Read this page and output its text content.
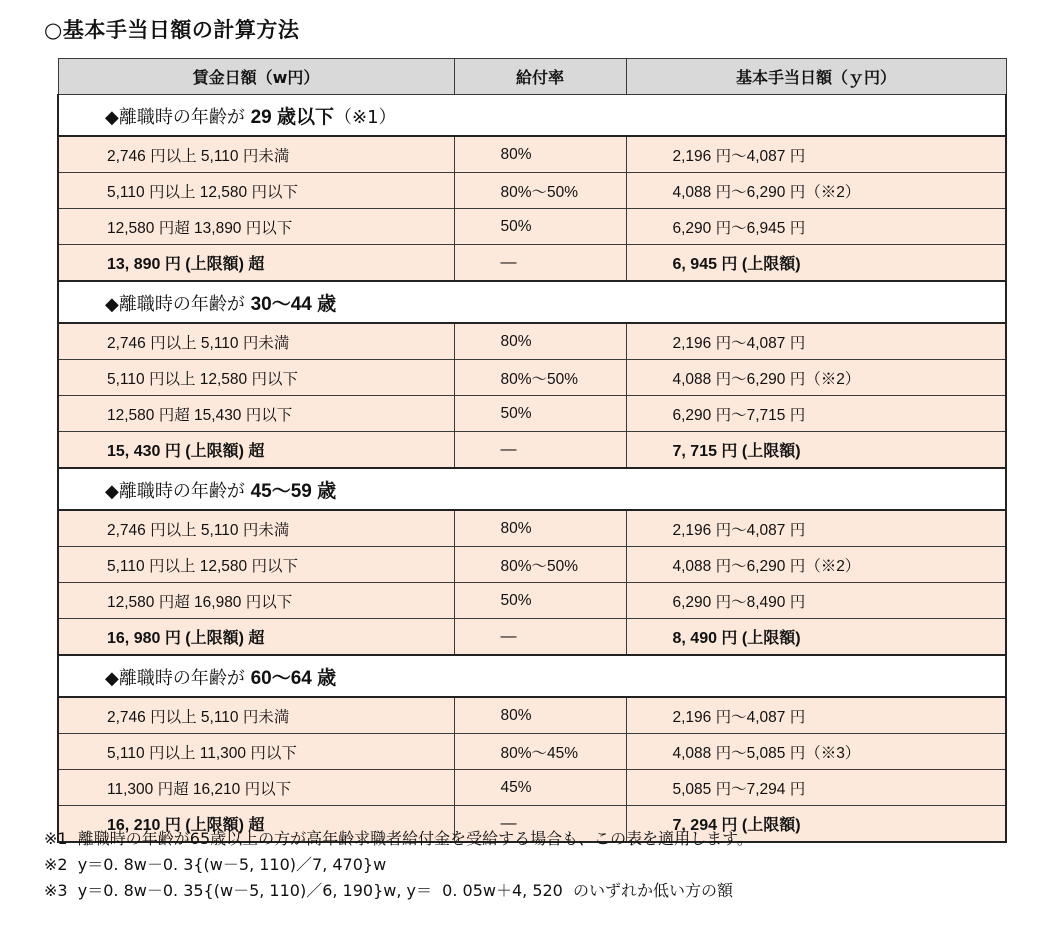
○基本手当日額の計算方法
賃金日額（w円）	給付率	基本手当日額（ｙ円）
◆離職時の年齢が 29 歳以下（※1）		
2,746 円以上 5,110 円未満	80%	2,196 円～4,087 円
5,110 円以上 12,580 円以下	80%～50%	4,088 円～6,290 円（※2）
12,580 円超 13,890 円以下	50%	6,290 円～6,945 円
13, 890 円 (上限額) 超	—	6, 945 円 (上限額)
◆離職時の年齢が 30～44 歳		
2,746 円以上 5,110 円未満	80%	2,196 円～4,087 円
5,110 円以上 12,580 円以下	80%～50%	4,088 円～6,290 円（※2）
12,580 円超 15,430 円以下	50%	6,290 円～7,715 円
15, 430 円 (上限額) 超	—	7, 715 円 (上限額)
◆離職時の年齢が 45～59 歳		
2,746 円以上 5,110 円未満	80%	2,196 円～4,087 円
5,110 円以上 12,580 円以下	80%～50%	4,088 円～6,290 円（※2）
12,580 円超 16,980 円以下	50%	6,290 円～8,490 円
16, 980 円 (上限額) 超	—	8, 490 円 (上限額)
◆離職時の年齢が 60～64 歳		
2,746 円以上 5,110 円未満	80%	2,196 円～4,087 円
5,110 円以上 11,300 円以下	80%～45%	4,088 円～5,085 円（※3）
11,300 円超 16,210 円以下	45%	5,085 円～7,294 円
16, 210 円 (上限額) 超	—	7, 294 円 (上限額)
※1  離職時の年齢が65歳以上の方が高年齢求職者給付金を受給する場合も、この表を適用します。
※2  y＝0. 8w－0. 3{(w－5, 110)／7, 470}w
※3  y＝0. 8w－0. 35{(w－5, 110)／6, 190}w, y＝  0. 05w＋4, 520  のいずれか低い方の額
